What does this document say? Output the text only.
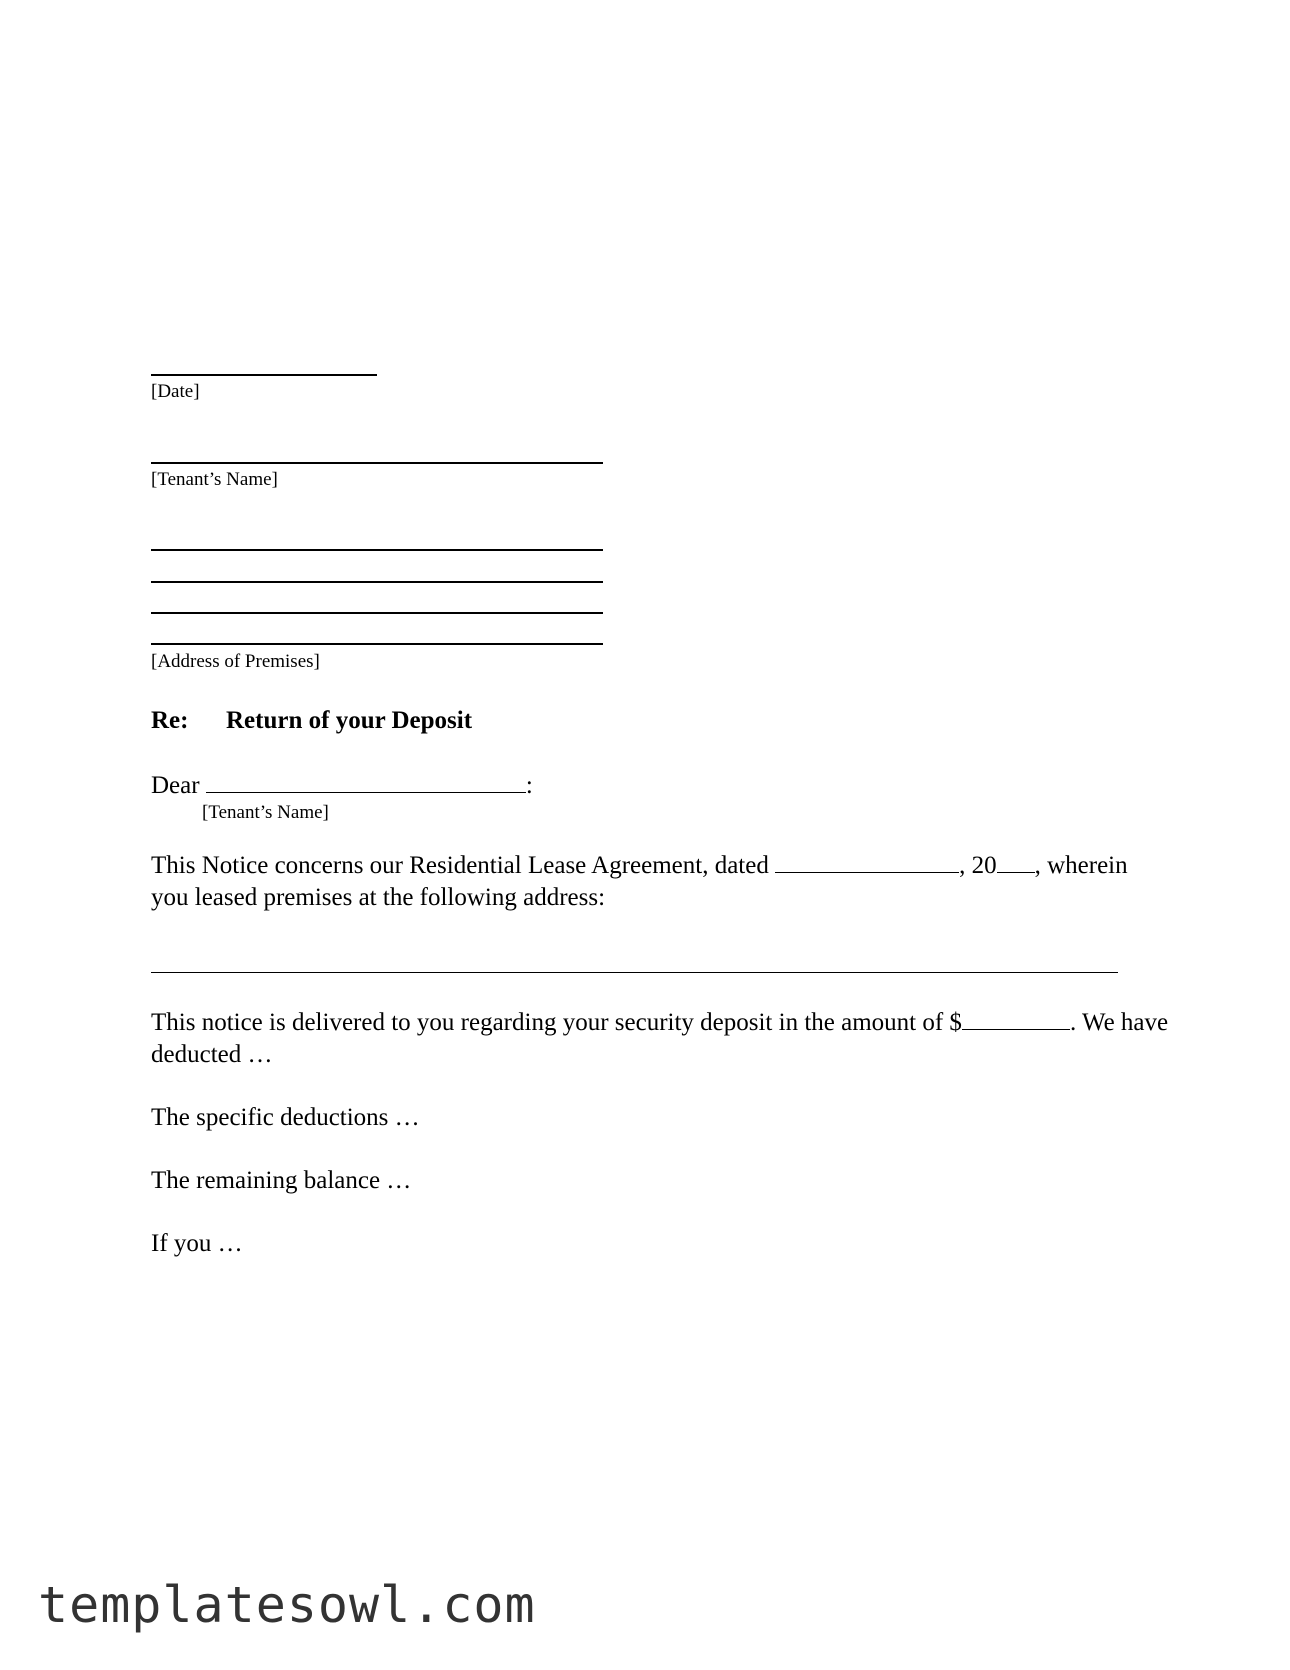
[Date]
[Tenant’s Name]
[Address of Premises]
Re: Return of your Deposit
Dear	:
[Tenant’s Name]
This Notice concerns our Residential Lease Agreement, dated	, 20 , wherein
you leased premises at the following address:
This notice is delivered to you regarding your security deposit in the amount of $	. We have
deducted …
The specific deductions …
The remaining balance …
If you …
templatesowl.com
